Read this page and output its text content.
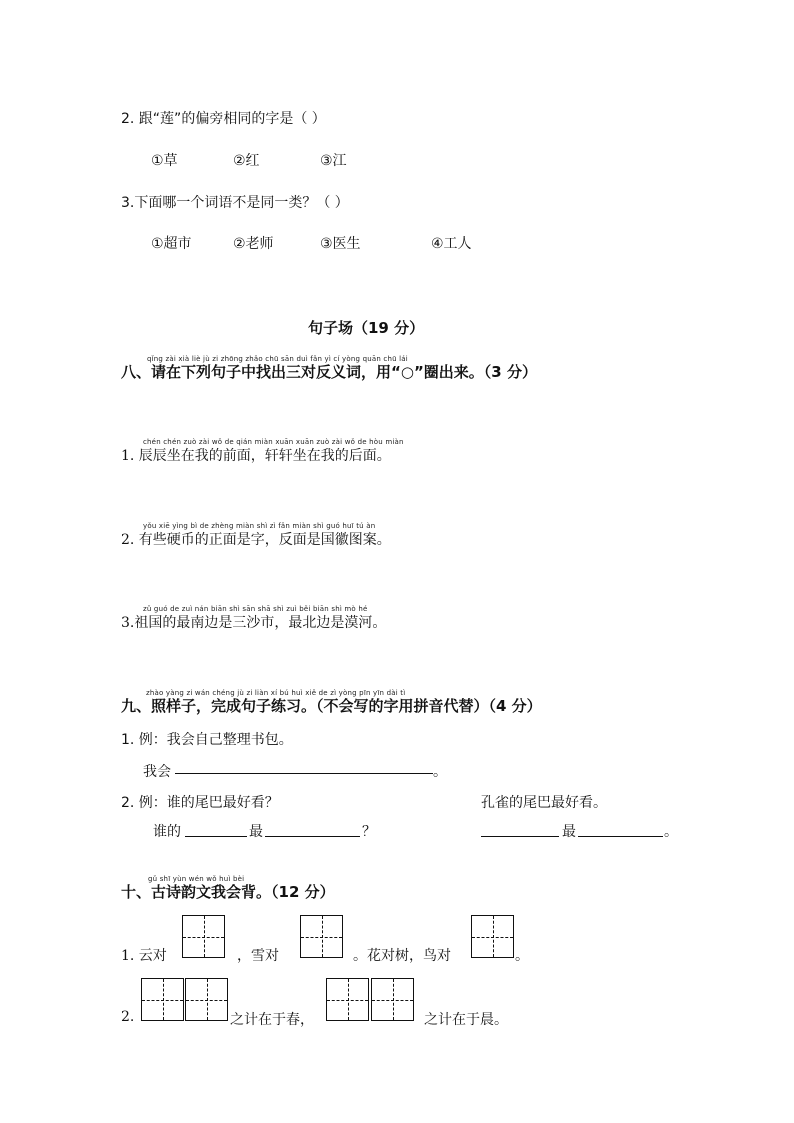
2. 跟“莲”的偏旁相同的字是（ ）
①草	②红	③江
3.下面哪一个词语不是同一类？（ ）
①超市	②老师	③医生	④工人
句子场（19 分）
qǐng zài xià liè jù zi zhōng zhǎo chū sān duì fǎn yì cí yòng quān chū lái
八、请在下列句子中找出三对反义词，用“○”圈出来。（3 分）
chén chén zuò zài wǒ de qián miàn xuān xuān zuò zài wǒ de hòu miàn
1. 辰辰坐在我的前面，轩轩坐在我的后面。
yǒu xiē yìng bì de zhèng miàn shì zì fǎn miàn shì guó huī tú àn
2. 有些硬币的正面是字，反面是国徽图案。
zǔ guó de zuì nán biān shì sān shā shì zuì běi biān shì mò hé
3.祖国的最南边是三沙市，最北边是漠河。
zhào yàng zi wán chéng jù zi liàn xí bú huì xiě de zì yòng pīn yīn dài tì
九、照样子，完成句子练习。（不会写的字用拼音代替）（4 分）
1. 例：我会自己整理书包。
我会	。
2. 例：谁的尾巴最好看？	孔雀的尾巴最好看。
谁的	最	？	最	。
gǔ shī yùn wén wǒ huì bèi
十、古诗韵文我会背。（12 分）
1. 云对	，雪对	。花对树，鸟对	。
2.	之计在于春，	之计在于晨。
